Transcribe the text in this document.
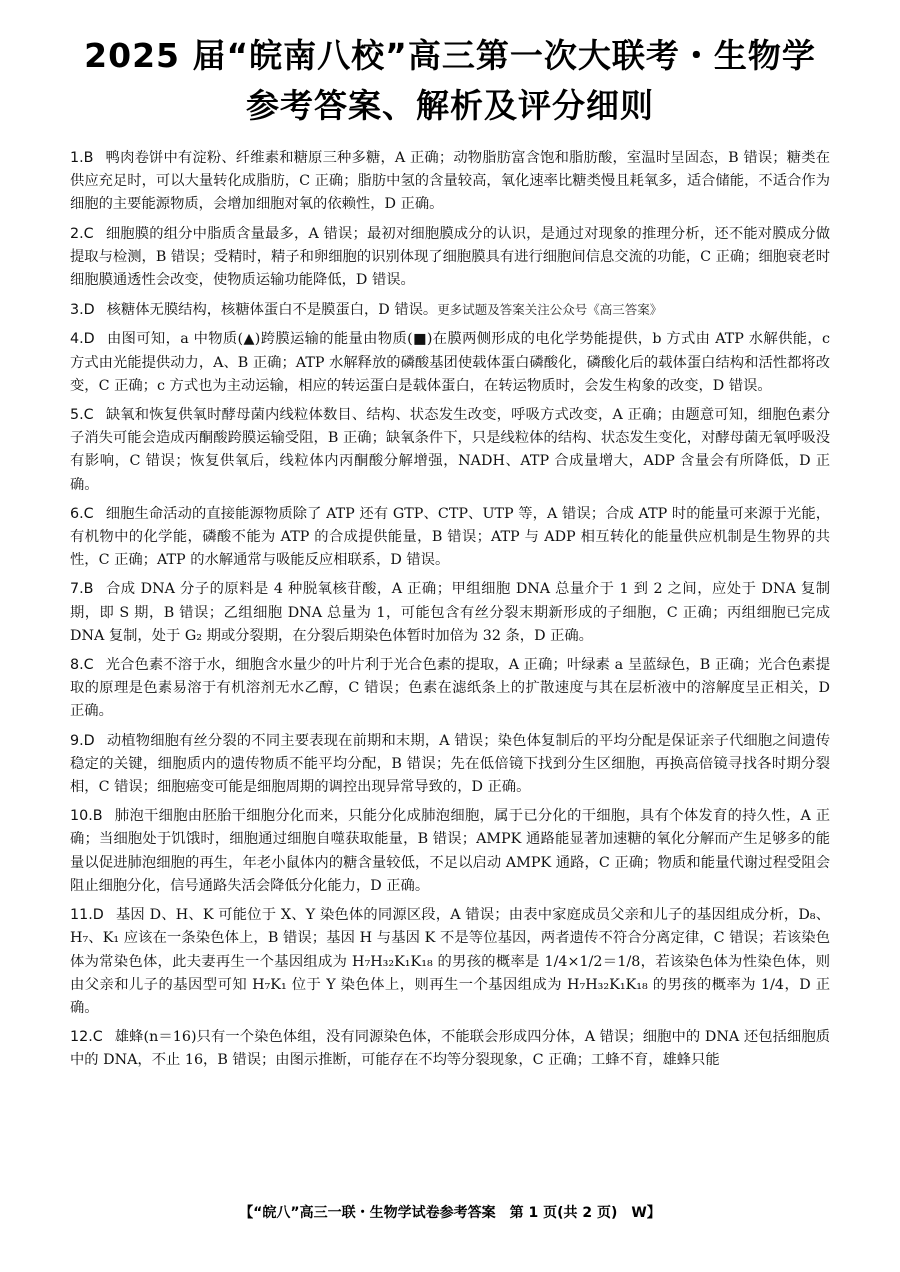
2025 届“皖南八校”高三第一次大联考・生物学
参考答案、解析及评分细则

1.B 鸭肉卷饼中有淀粉、纤维素和糖原三种多糖，A 正确；动物脂肪富含饱和脂肪酸，室温时呈固态，B 错误；糖类在供应充足时，可以大量转化成脂肪，C 正确；脂肪中氢的含量较高，氧化速率比糖类慢且耗氧多，适合储能，不适合作为细胞的主要能源物质，会增加细胞对氧的依赖性，D 正确。

2.C 细胞膜的组分中脂质含量最多，A 错误；最初对细胞膜成分的认识，是通过对现象的推理分析，还不能对膜成分做提取与检测，B 错误；受精时，精子和卵细胞的识别体现了细胞膜具有进行细胞间信息交流的功能，C 正确；细胞衰老时细胞膜通透性会改变，使物质运输功能降低，D 错误。

3.D 核糖体无膜结构，核糖体蛋白不是膜蛋白，D 错误。更多试题及答案关注公众号《高三答案》

4.D 由图可知，a 中物质(▲)跨膜运输的能量由物质(■)在膜两侧形成的电化学势能提供，b 方式由 ATP 水解供能，c 方式由光能提供动力，A、B 正确；ATP 水解释放的磷酸基团使载体蛋白磷酸化，磷酸化后的载体蛋白结构和活性都将改变，C 正确；c 方式也为主动运输，相应的转运蛋白是载体蛋白，在转运物质时，会发生构象的改变，D 错误。

5.C 缺氧和恢复供氧时酵母菌内线粒体数目、结构、状态发生改变，呼吸方式改变，A 正确；由题意可知，细胞色素分子消失可能会造成丙酮酸跨膜运输受阻，B 正确；缺氧条件下，只是线粒体的结构、状态发生变化，对酵母菌无氧呼吸没有影响，C 错误；恢复供氧后，线粒体内丙酮酸分解增强，NADH、ATP 合成量增大，ADP 含量会有所降低，D 正确。

6.C 细胞生命活动的直接能源物质除了 ATP 还有 GTP、CTP、UTP 等，A 错误；合成 ATP 时的能量可来源于光能，有机物中的化学能，磷酸不能为 ATP 的合成提供能量，B 错误；ATP 与 ADP 相互转化的能量供应机制是生物界的共性，C 正确；ATP 的水解通常与吸能反应相联系，D 错误。

7.B 合成 DNA 分子的原料是 4 种脱氧核苷酸，A 正确；甲组细胞 DNA 总量介于 1 到 2 之间，应处于 DNA 复制期，即 S 期，B 错误；乙组细胞 DNA 总量为 1，可能包含有丝分裂末期新形成的子细胞，C 正确；丙组细胞已完成 DNA 复制，处于 G₂ 期或分裂期，在分裂后期染色体暂时加倍为 32 条，D 正确。

8.C 光合色素不溶于水，细胞含水量少的叶片利于光合色素的提取，A 正确；叶绿素 a 呈蓝绿色，B 正确；光合色素提取的原理是色素易溶于有机溶剂无水乙醇，C 错误；色素在滤纸条上的扩散速度与其在层析液中的溶解度呈正相关，D 正确。

9.D 动植物细胞有丝分裂的不同主要表现在前期和末期，A 错误；染色体复制后的平均分配是保证亲子代细胞之间遗传稳定的关键，细胞质内的遗传物质不能平均分配，B 错误；先在低倍镜下找到分生区细胞，再换高倍镜寻找各时期分裂相，C 错误；细胞癌变可能是细胞周期的调控出现异常导致的，D 正确。

10.B 肺泡干细胞由胚胎干细胞分化而来，只能分化成肺泡细胞，属于已分化的干细胞，具有个体发育的持久性，A 正确；当细胞处于饥饿时，细胞通过细胞自噬获取能量，B 错误；AMPK 通路能显著加速糖的氧化分解而产生足够多的能量以促进肺泡细胞的再生，年老小鼠体内的糖含量较低，不足以启动 AMPK 通路，C 正确；物质和能量代谢过程受阻会阻止细胞分化，信号通路失活会降低分化能力，D 正确。

11.D 基因 D、H、K 可能位于 X、Y 染色体的同源区段，A 错误；由表中家庭成员父亲和儿子的基因组成分析，D₈、H₇、K₁ 应该在一条染色体上，B 错误；基因 H 与基因 K 不是等位基因，两者遗传不符合分离定律，C 错误；若该染色体为常染色体，此夫妻再生一个基因组成为 H₇H₃₂K₁K₁₈ 的男孩的概率是 1/4×1/2＝1/8，若该染色体为性染色体，则由父亲和儿子的基因型可知 H₇K₁ 位于 Y 染色体上，则再生一个基因组成为 H₇H₃₂K₁K₁₈ 的男孩的概率为 1/4，D 正确。

12.C 雄蜂(n＝16)只有一个染色体组，没有同源染色体，不能联会形成四分体，A 错误；细胞中的 DNA 还包括细胞质中的 DNA，不止 16，B 错误；由图示推断，可能存在不均等分裂现象，C 正确；工蜂不育，雄蜂只能

【“皖八”高三一联・生物学试卷参考答案　第 1 页(共 2 页)　W】
